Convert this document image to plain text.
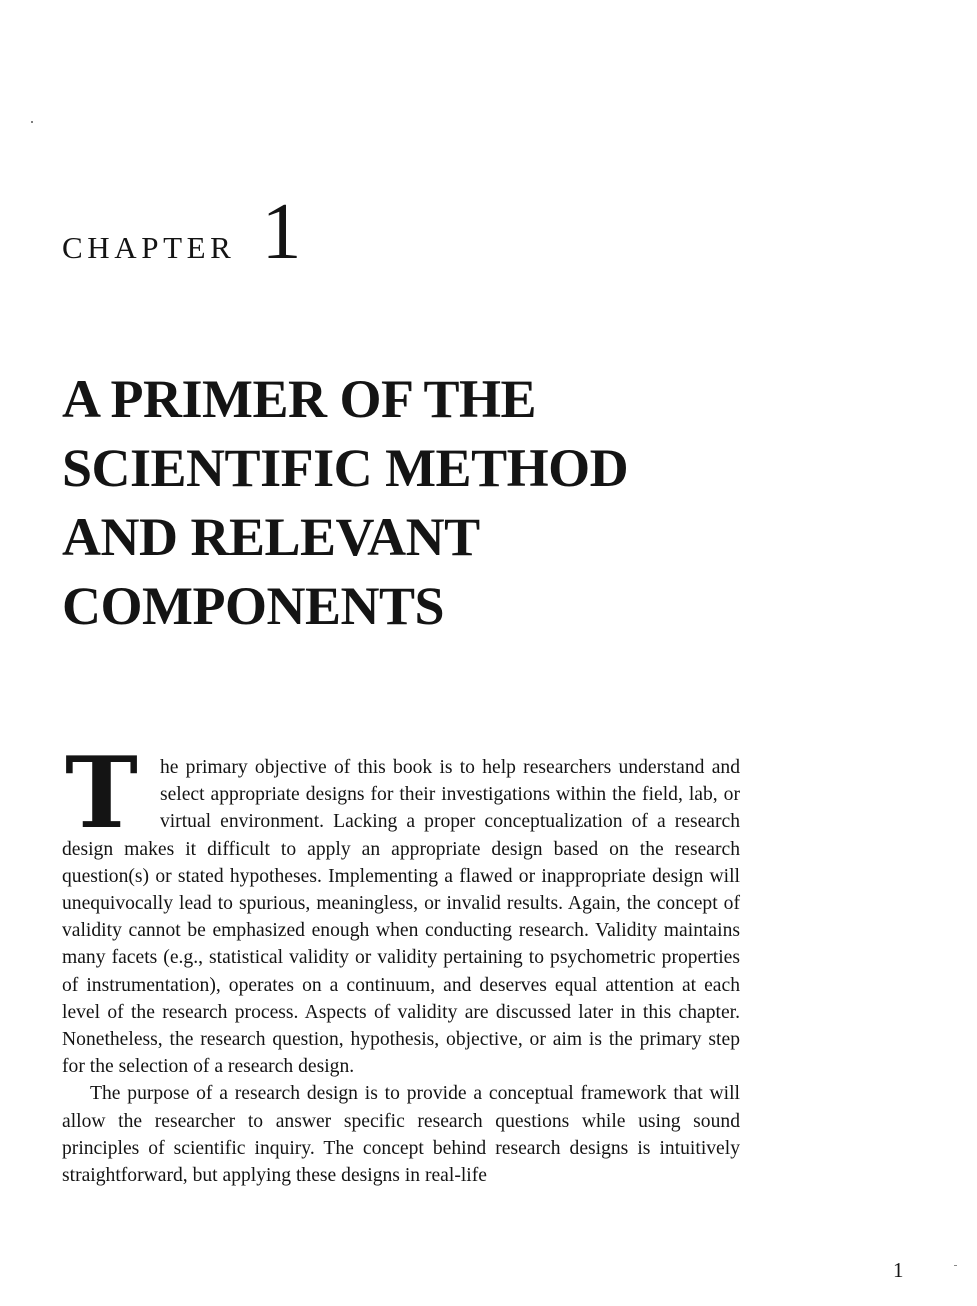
CHAPTER 1
A PRIMER OF THE
SCIENTIFIC METHOD
AND RELEVANT
COMPONENTS

T he primary objective of this book is to help researchers understand and select appropriate designs for their investigations within the field, lab, or virtual environment. Lacking a proper conceptualization of a research design makes it difficult to apply an appropriate design based on the research question(s) or stated hypotheses. Implementing a flawed or inappropriate design will unequivocally lead to spurious, meaningless, or invalid results. Again, the concept of validity cannot be emphasized enough when conducting research. Validity maintains many facets (e.g., statistical validity or validity pertaining to psychometric properties of instrumentation), operates on a continuum, and deserves equal attention at each level of the research process. Aspects of validity are discussed later in this chapter. Nonetheless, the research question, hypothesis, objective, or aim is the primary step for the selection of a research design.

The purpose of a research design is to provide a conceptual framework that will allow the researcher to answer specific research questions while using sound principles of scientific inquiry. The concept behind research designs is intuitively straightforward, but applying these designs in real-life

1
